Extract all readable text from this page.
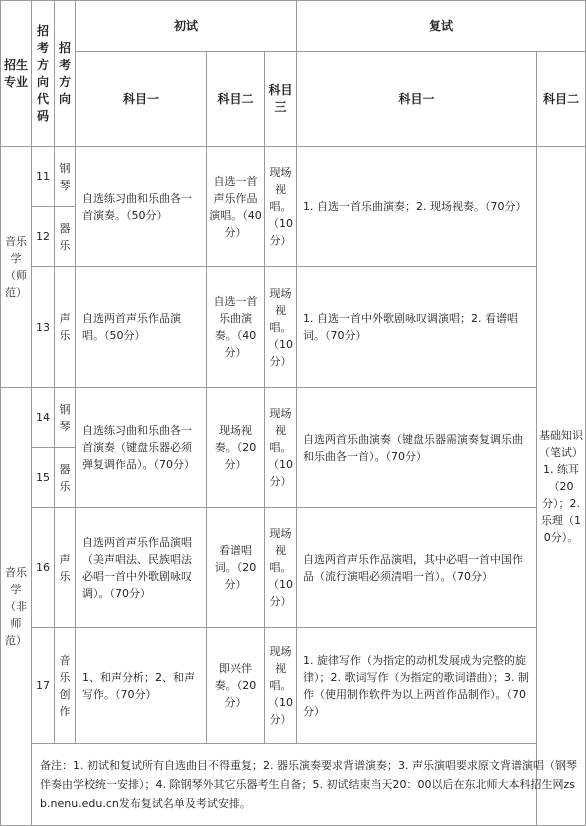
招生专业	招考方向代码	招考方向	初试			复试	
			科目一	科目二	科目三	科目一	科目二
音乐学（师范）	11	钢琴	自选练习曲和乐曲各一首演奏。（50分）	自选一首声乐作品演唱。（40分）	现场视唱。（10分）	1. 自选一首乐曲演奏；2. 现场视奏。（70分）	基础知识（笔试）1. 练耳（20分）；2. 乐理（10分）。
	12	器乐					
	13	声乐	自选两首声乐作品演唱。（50分）	自选一首乐曲演奏。（40分）	现场视唱。（10分）	1. 自选一首中外歌剧咏叹调演唱；2. 看谱唱词。（70分）	
音乐学（非师范）	14	钢琴	自选练习曲和乐曲各一首演奏（键盘乐器必须弹复调作品）。（70分）	现场视奏。（20分）	现场视唱。（10分）	自选两首乐曲演奏（键盘乐器需演奏复调乐曲和乐曲各一首）。（70分）	
	15	器乐					
	16	声乐	自选两首声乐作品演唱（美声唱法、民族唱法必唱一首中外歌剧咏叹调）。（70分）	看谱唱词。（20分）	现场视唱。（10分）	自选两首声乐作品演唱，其中必唱一首中国作品（流行演唱必须清唱一首）。（70分）	
	17	音乐创作	1、和声分析；2、和声写作。（70分）	即兴伴奏。（20分）	现场视唱。（10分）	1. 旋律写作（为指定的动机发展成为完整的旋律）；2. 歌词写作（为指定的歌词谱曲）；3. 制作（使用制作软件为以上两首作品制作）。（70分）	
	备注：1. 初试和复试所有自选曲目不得重复；2. 器乐演奏要求背谱演奏；3. 声乐演唱要求原文背谱演唱（钢琴伴奏由学校统一安排）；4. 除钢琴外其它乐器考生自备；5. 初试结束当天20：00以后在东北师大本科招生网zsb.nenu.edu.cn发布复试名单及考试安排。						
